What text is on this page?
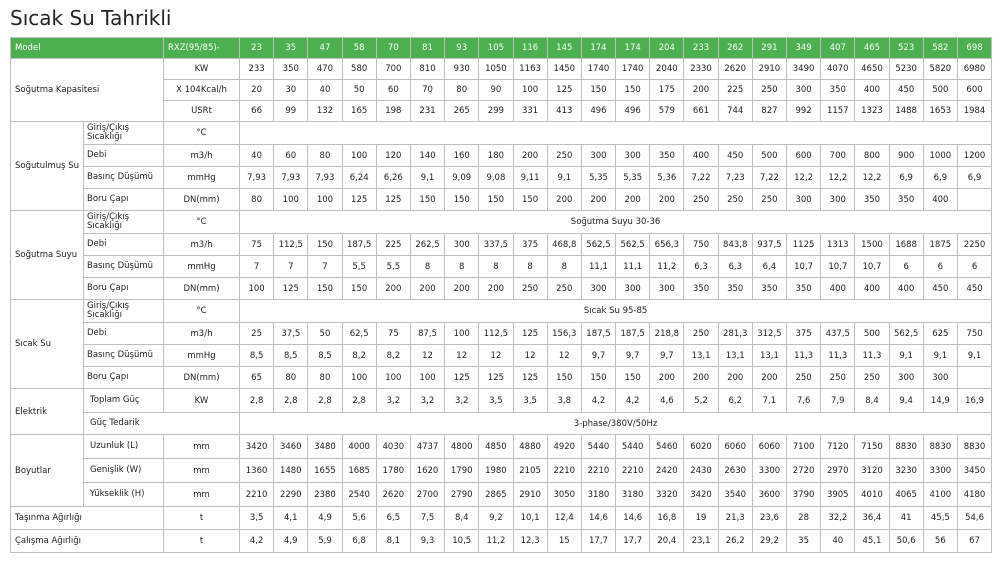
Sıcak Su Tahrikli
Model		RXZ(95/85)-	23	35	47	58	70	81	93	105	116	145	174	174	204	233	262	291	349	407	465	523	582	698
Soğutma Kapasitesi		KW	233	350	470	580	700	810	930	1050	1163	1450	1740	1740	2040	2330	2620	2910	3490	4070	4650	5230	5820	6980
		X 104Kcal/h	20	30	40	50	60	70	80	90	100	125	150	150	175	200	225	250	300	350	400	450	500	600
		USRt	66	99	132	165	198	231	265	299	331	413	496	496	579	661	744	827	992	1157	1323	1488	1653	1984
Soğutulmuş Su	Giriş/Çıkış Sıcaklığı	°C																						
	Debi	m3/h	40	60	80	100	120	140	160	180	200	250	300	300	350	400	450	500	600	700	800	900	1000	1200
	Basınç Düşümü	mmHg	7,93	7,93	7,93	6,24	6,26	9,1	9,09	9,08	9,11	9,1	5,35	5,35	5,36	7,22	7,23	7,22	12,2	12,2	12,2	6,9	6,9	6,9
	Boru Çapı	DN(mm)	80	100	100	125	125	150	150	150	150	200	200	200	200	250	250	250	300	300	350	350	400	
Soğutma Suyu	Giriş/Çıkış Sıcaklığı	°C	Soğutma Suyu 30-36																					
	Debi	m3/h	75	112,5	150	187,5	225	262,5	300	337,5	375	468,8	562,5	562,5	656,3	750	843,8	937,5	1125	1313	1500	1688	1875	2250
	Basınç Düşümü	mmHg	7	7	7	5,5	5,5	8	8	8	8	8	11,1	11,1	11,2	6,3	6,3	6,4	10,7	10,7	10,7	6	6	6
	Boru Çapı	DN(mm)	100	125	150	150	200	200	200	200	250	250	300	300	300	350	350	350	350	400	400	400	450	450
Sıcak Su	Giriş/Çıkış Sıcaklığı	°C	Sıcak Su 95-85																					
	Debi	m3/h	25	37,5	50	62,5	75	87,5	100	112,5	125	156,3	187,5	187,5	218,8	250	281,3	312,5	375	437,5	500	562,5	625	750
	Basınç Düşümü	mmHg	8,5	8,5	8,5	8,2	8,2	12	12	12	12	12	9,7	9,7	9,7	13,1	13,1	13,1	11,3	11,3	11,3	9,1	9,1	9,1
	Boru Çapı	DN(mm)	65	80	80	100	100	100	125	125	125	150	150	150	200	200	200	200	250	250	250	300	300	
Elektrik	Toplam Güç	KW	2,8	2,8	2,8	2,8	3,2	3,2	3,2	3,5	3,5	3,8	4,2	4,2	4,6	5,2	6,2	7,1	7,6	7,9	8,4	9,4	14,9	16,9
	Güç Tedarik		3-phase/380V/50Hz																					
Boyutlar	Uzunluk (L)	mm	3420	3460	3480	4000	4030	4737	4800	4850	4880	4920	5440	5440	5460	6020	6060	6060	7100	7120	7150	8830	8830	8830
	Genişlik (W)	mm	1360	1480	1655	1685	1780	1620	1790	1980	2105	2210	2210	2210	2420	2430	2630	3300	2720	2970	3120	3230	3300	3450
	Yükseklik (H)	mm	2210	2290	2380	2540	2620	2700	2790	2865	2910	3050	3180	3180	3320	3420	3540	3600	3790	3905	4010	4065	4100	4180
Taşınma Ağırlığı		t	3,5	4,1	4,9	5,6	6,5	7,5	8,4	9,2	10,1	12,4	14,6	14,6	16,8	19	21,3	23,6	28	32,2	36,4	41	45,5	54,6
Çalışma Ağırlığı		t	4,2	4,9	5,9	6,8	8,1	9,3	10,5	11,2	12,3	15	17,7	17,7	20,4	23,1	26,2	29,2	35	40	45,1	50,6	56	67
